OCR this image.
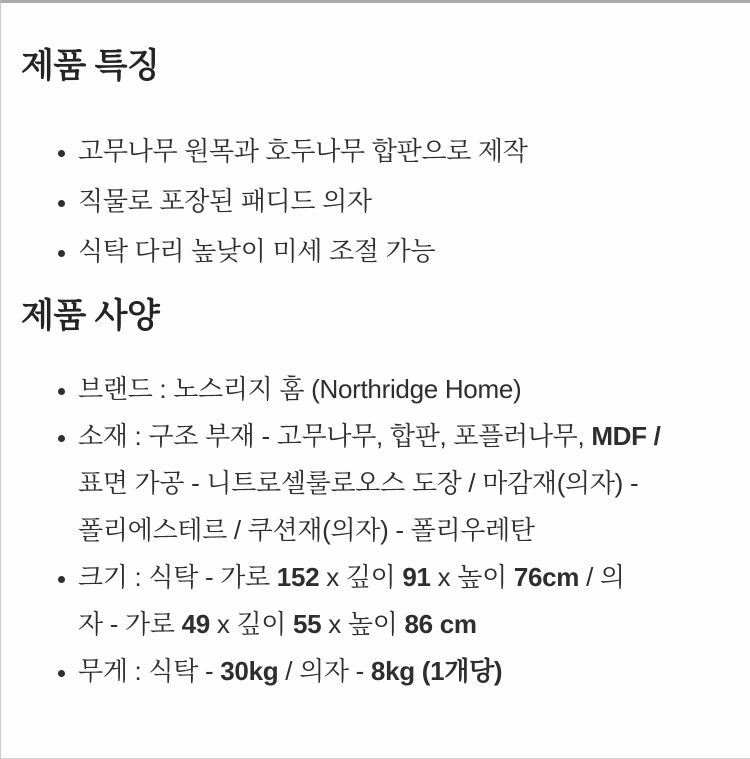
제품 특징
• 고무나무 원목과 호두나무 합판으로 제작
• 직물로 포장된 패디드 의자
• 식탁 다리 높낮이 미세 조절 가능
제품 사양
• 브랜드 : 노스리지 홈 (Northridge Home)
• 소재 : 구조 부재 - 고무나무, 합판, 포플러나무, MDF /
표면 가공 - 니트로셀룰로오스 도장 / 마감재(의자) -
폴리에스테르 / 쿠션재(의자) - 폴리우레탄
• 크기 : 식탁 - 가로 152 x 깊이 91 x 높이 76cm / 의
자 - 가로 49 x 깊이 55 x 높이 86 cm
• 무게 : 식탁 - 30kg / 의자 - 8kg (1개당)
